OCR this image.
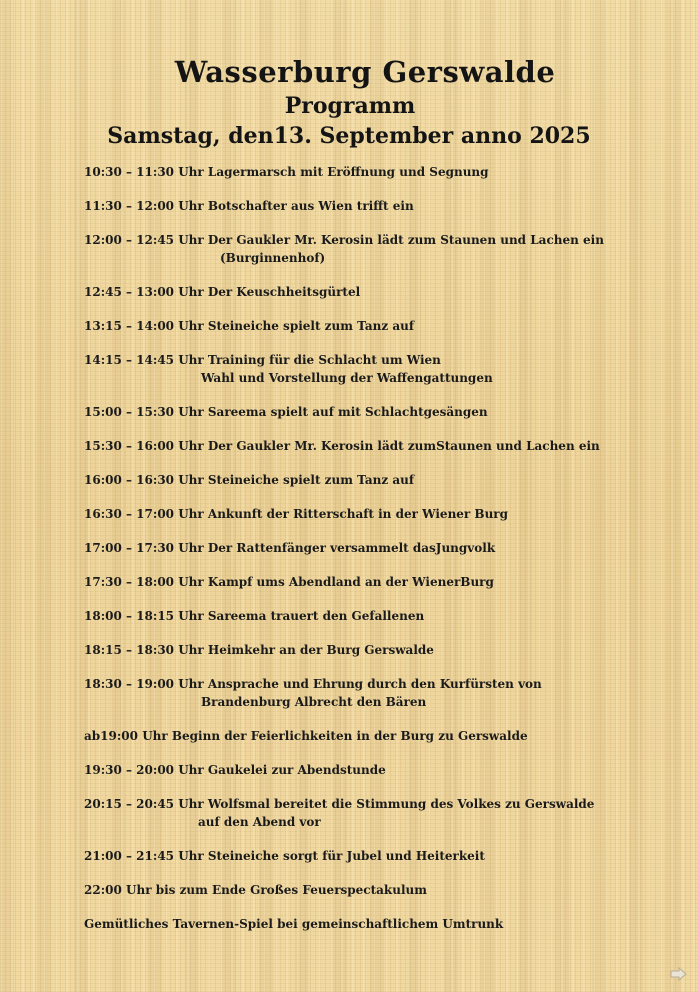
Wasserburg Gerswalde
Programm
Samstag, den13. September anno 2025
10:30 – 11:30 Uhr Lagermarsch mit Eröffnung und Segnung
11:30 – 12:00 Uhr Botschafter aus Wien trifft ein
12:00 – 12:45 Uhr Der Gaukler Mr. Kerosin lädt zum Staunen und Lachen ein
(Burginnenhof)
12:45 – 13:00 Uhr Der Keuschheitsgürtel
13:15 – 14:00 Uhr Steineiche spielt zum Tanz auf
14:15 – 14:45 Uhr Training für die Schlacht um Wien
Wahl und Vorstellung der Waffengattungen
15:00 – 15:30 Uhr Sareema spielt auf mit Schlachtgesängen
15:30 – 16:00 Uhr Der Gaukler Mr. Kerosin lädt zumStaunen und Lachen ein
16:00 – 16:30 Uhr Steineiche spielt zum Tanz auf
16:30 – 17:00 Uhr Ankunft der Ritterschaft in der Wiener Burg
17:00 – 17:30 Uhr Der Rattenfänger versammelt dasJungvolk
17:30 – 18:00 Uhr Kampf ums Abendland an der WienerBurg
18:00 – 18:15 Uhr Sareema trauert den Gefallenen
18:15 – 18:30 Uhr Heimkehr an der Burg Gerswalde
18:30 – 19:00 Uhr Ansprache und Ehrung durch den Kurfürsten von
Brandenburg Albrecht den Bären
ab19:00 Uhr Beginn der Feierlichkeiten in der Burg zu Gerswalde
19:30 – 20:00 Uhr Gaukelei zur Abendstunde
20:15 – 20:45 Uhr Wolfsmal bereitet die Stimmung des Volkes zu Gerswalde
auf den Abend vor
21:00 – 21:45 Uhr Steineiche sorgt für Jubel und Heiterkeit
22:00 Uhr bis zum Ende Großes Feuerspectakulum
Gemütliches Tavernen-Spiel bei gemeinschaftlichem Umtrunk
